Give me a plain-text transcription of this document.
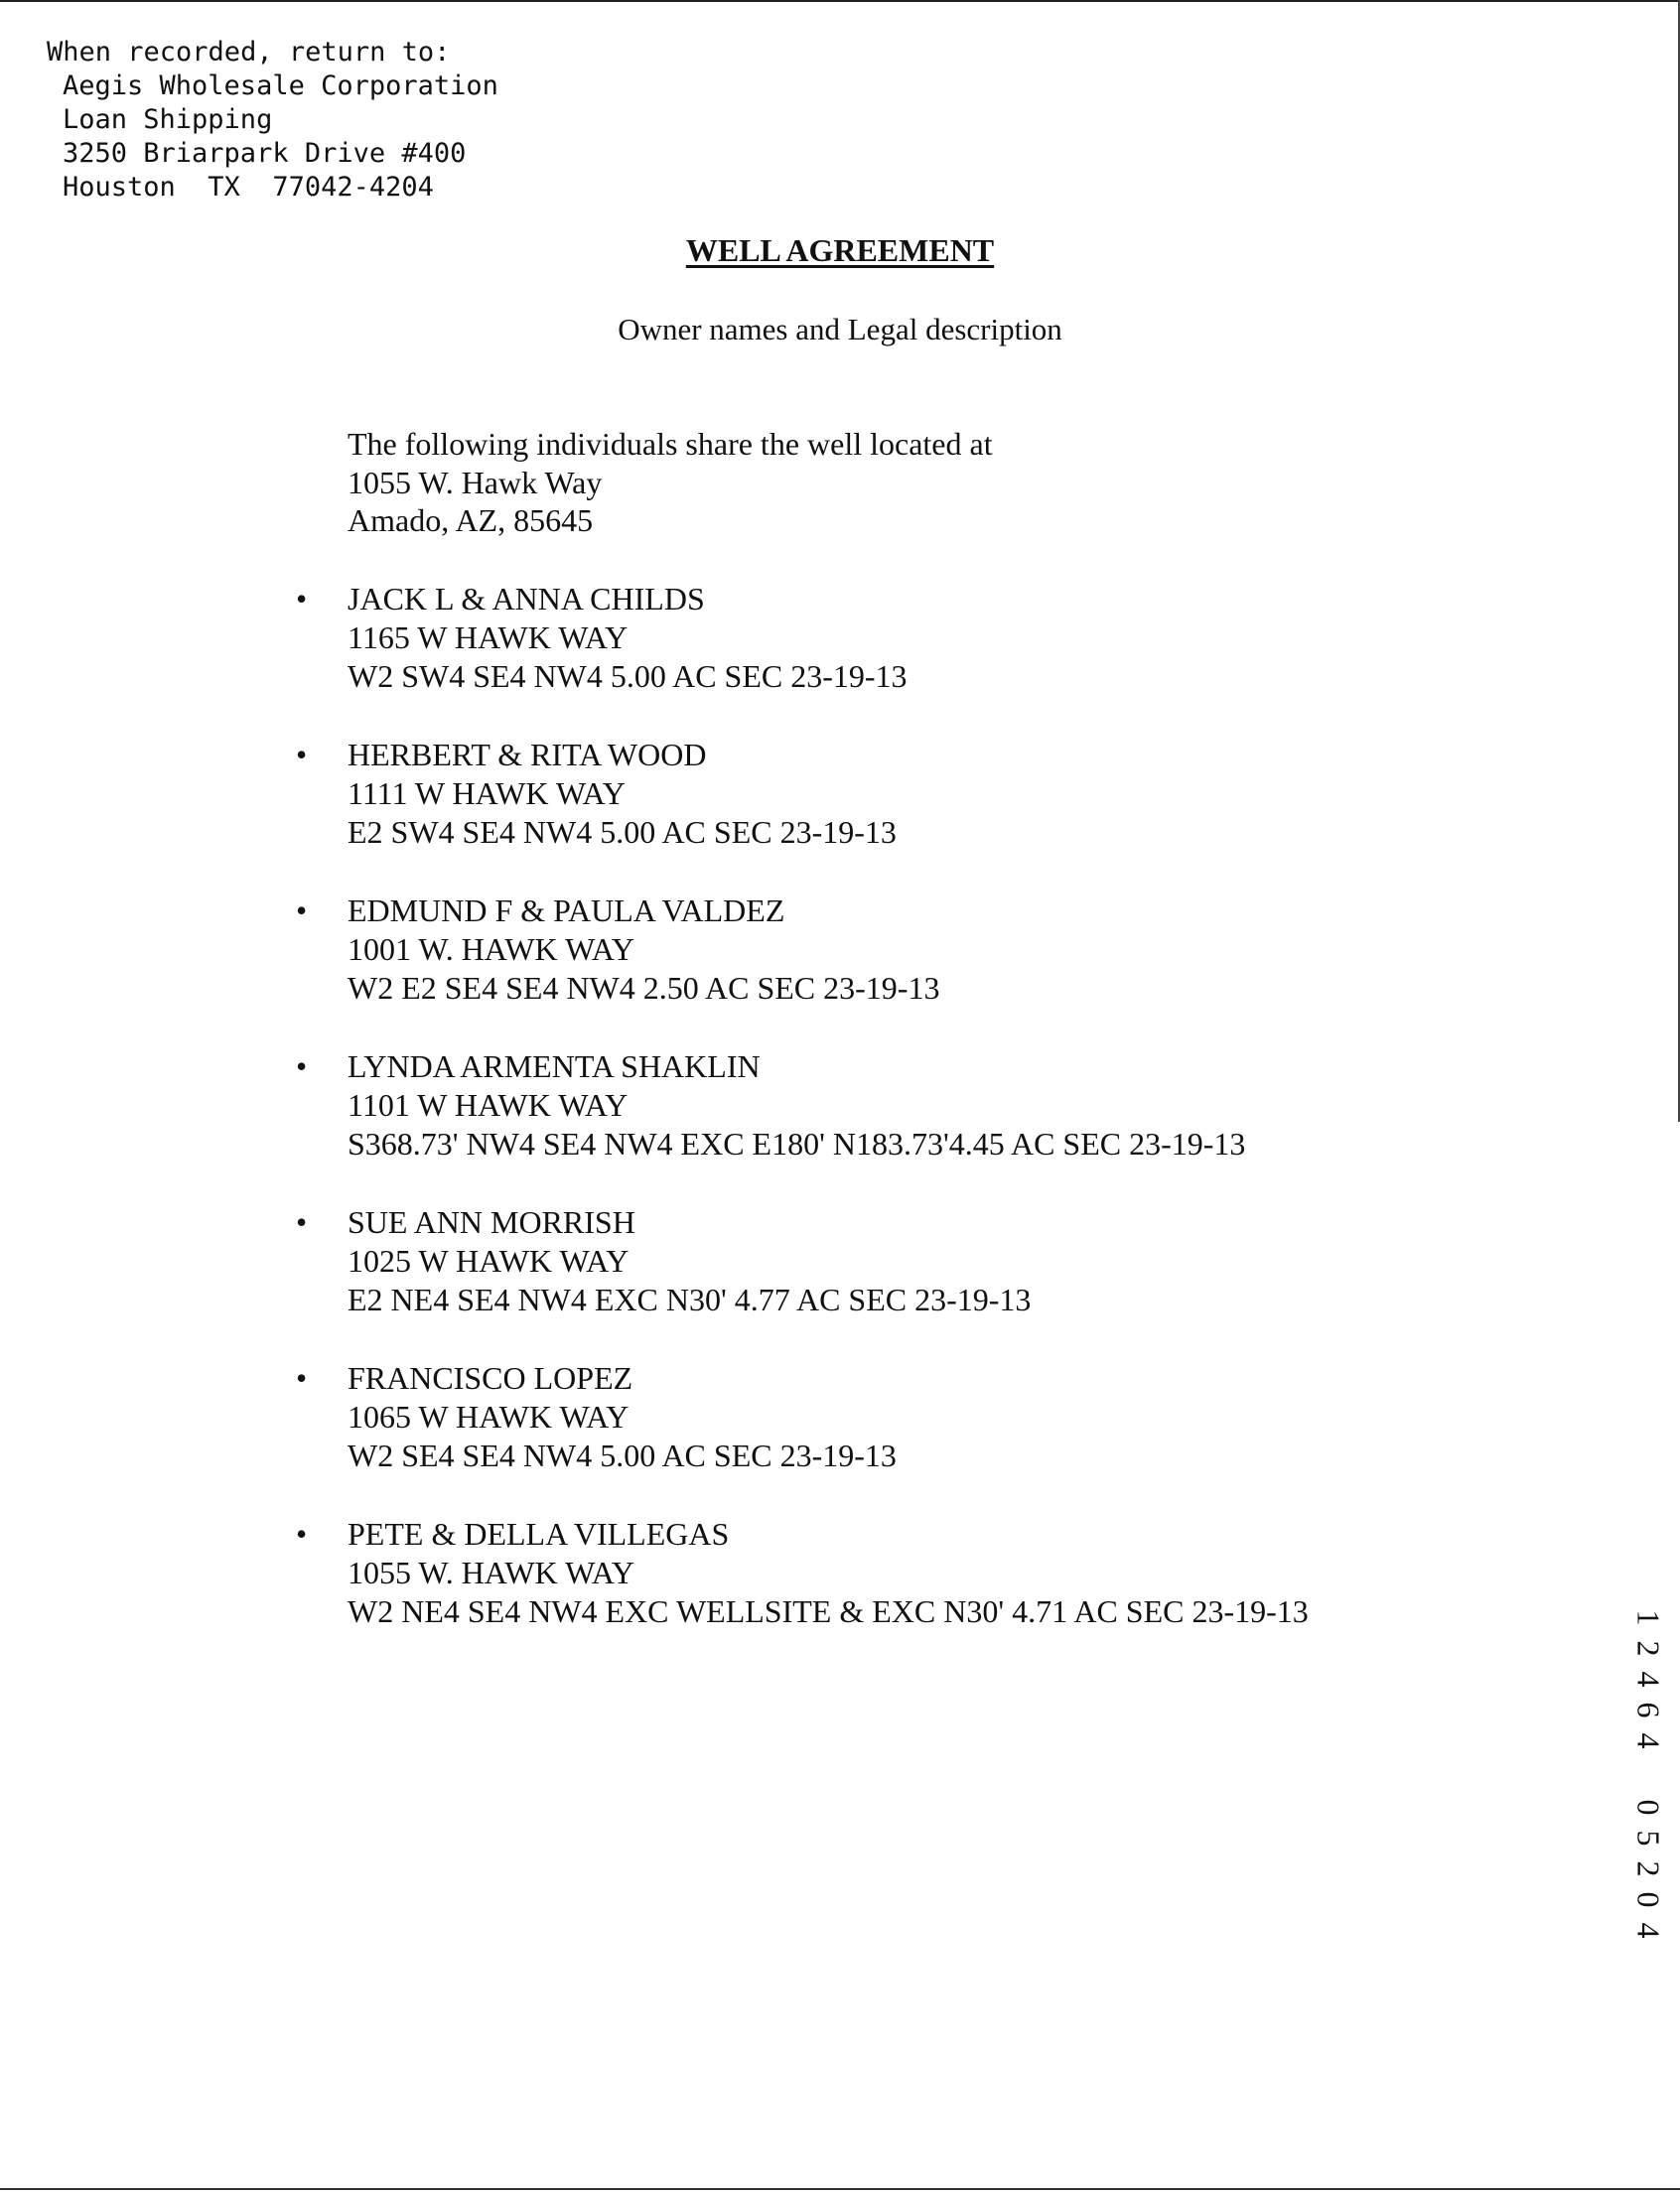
When recorded, return to:
Aegis Wholesale Corporation
Loan Shipping
3250 Briarpark Drive #400
Houston  TX  77042-4204
WELL AGREEMENT
Owner names and Legal description
The following individuals share the well located at
1055 W. Hawk Way
Amado, AZ, 85645
• JACK L & ANNA CHILDS
1165 W HAWK WAY
W2 SW4 SE4 NW4 5.00 AC SEC 23-19-13
• HERBERT & RITA WOOD
1111 W HAWK WAY
E2 SW4 SE4 NW4 5.00 AC SEC 23-19-13
• EDMUND F & PAULA VALDEZ
1001 W. HAWK WAY
W2 E2 SE4 SE4 NW4 2.50 AC SEC 23-19-13
• LYNDA ARMENTA SHAKLIN
1101 W HAWK WAY
S368.73' NW4 SE4 NW4 EXC E180' N183.73'4.45 AC SEC 23-19-13
• SUE ANN MORRISH
1025 W HAWK WAY
E2 NE4 SE4 NW4 EXC N30' 4.77 AC SEC 23-19-13
• FRANCISCO LOPEZ
1065 W HAWK WAY
W2 SE4 SE4 NW4 5.00 AC SEC 23-19-13
• PETE & DELLA VILLEGAS
1055 W. HAWK WAY
W2 NE4 SE4 NW4 EXC WELLSITE & EXC N30' 4.71 AC SEC 23-19-13	1
2
4
6
4
0
5
2
0
4
